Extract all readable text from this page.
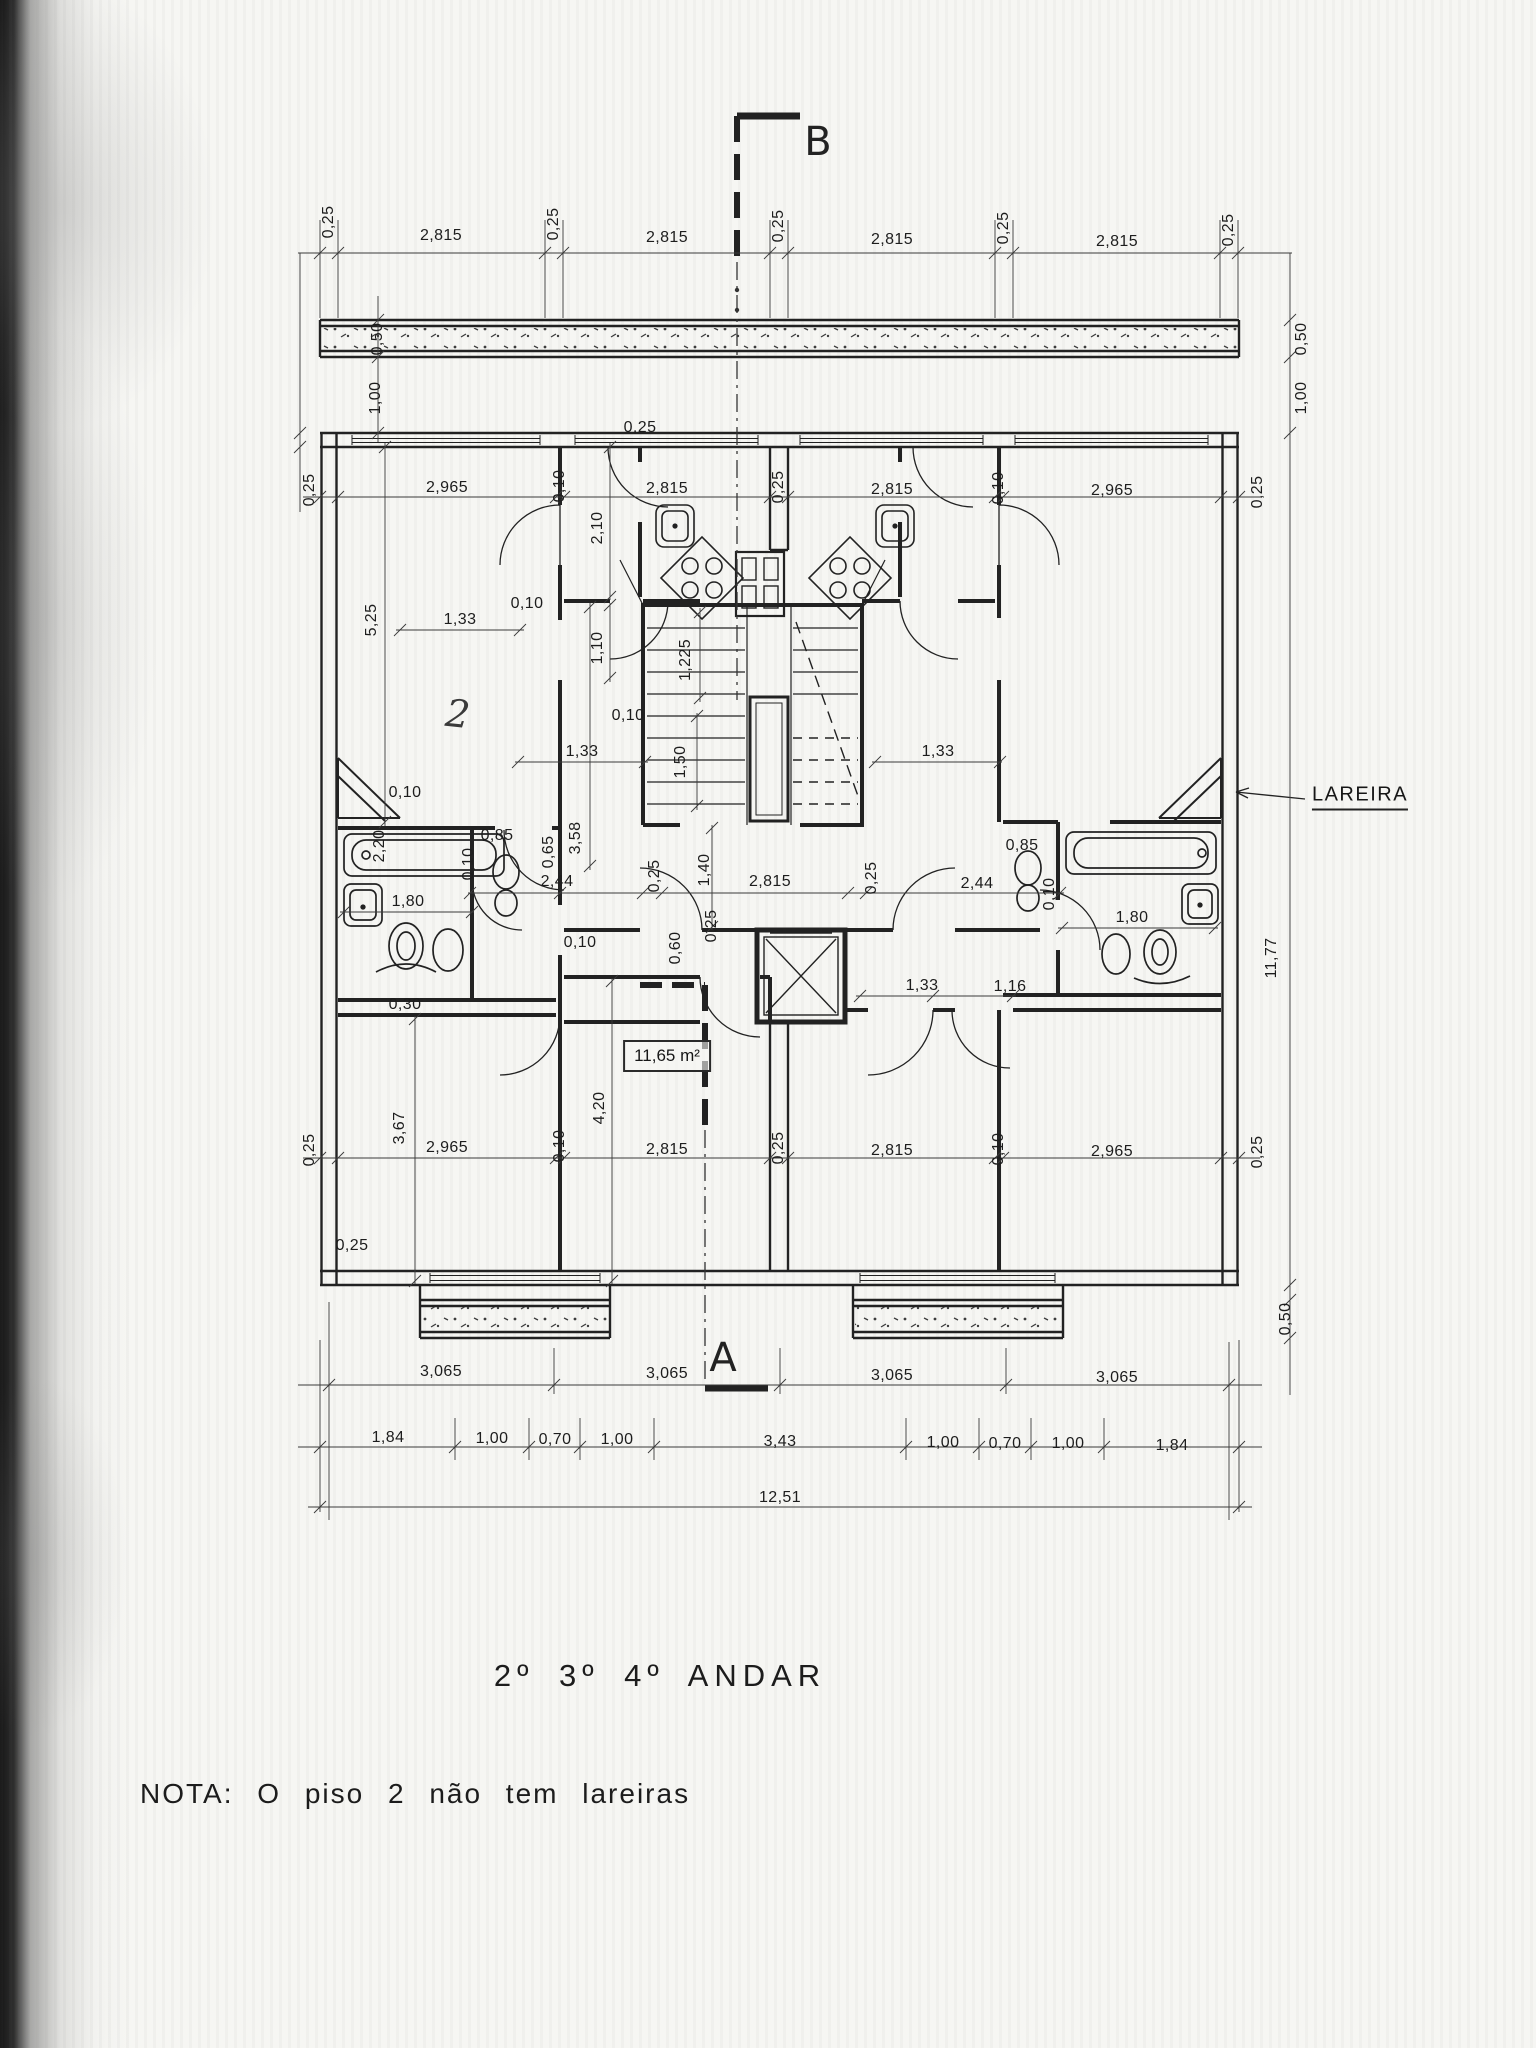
0,25	2,815	0,25	2,815	0,25	2,815	0,25	2,815	0,25
0,50
1,00
0,50
1,00
0,25	2,965	0,10
0,25
2,815	0,25	2,815	0,10	2,965	0,25
2,10
5,25
1,10	1,225
1,33
0,10
0,10
1,50
1,33	1,33
0,10
3,58
0,65
0,85
2,20
0,10
2,44	0,25 1,40 2,815	0,25	2,44	0,10
0,85
1,80
1,80
0,10	0,60
0,25
0,30
1,33	1,16
11,77
0,25
3,67
2,965	0,10
4,20
2,815	0,25	2,815	0,10	2,965	0,25
0,25
0,50
3,065	3,065	3,065	3,065
1,84	1,00 0,70 1,00	3,43	1,00 0,70 1,00	1,84
12,51
B
A
11,65 m²
LAREIRA
2
2º 3º 4º ANDAR
NOTA: O piso 2 não tem lareiras
